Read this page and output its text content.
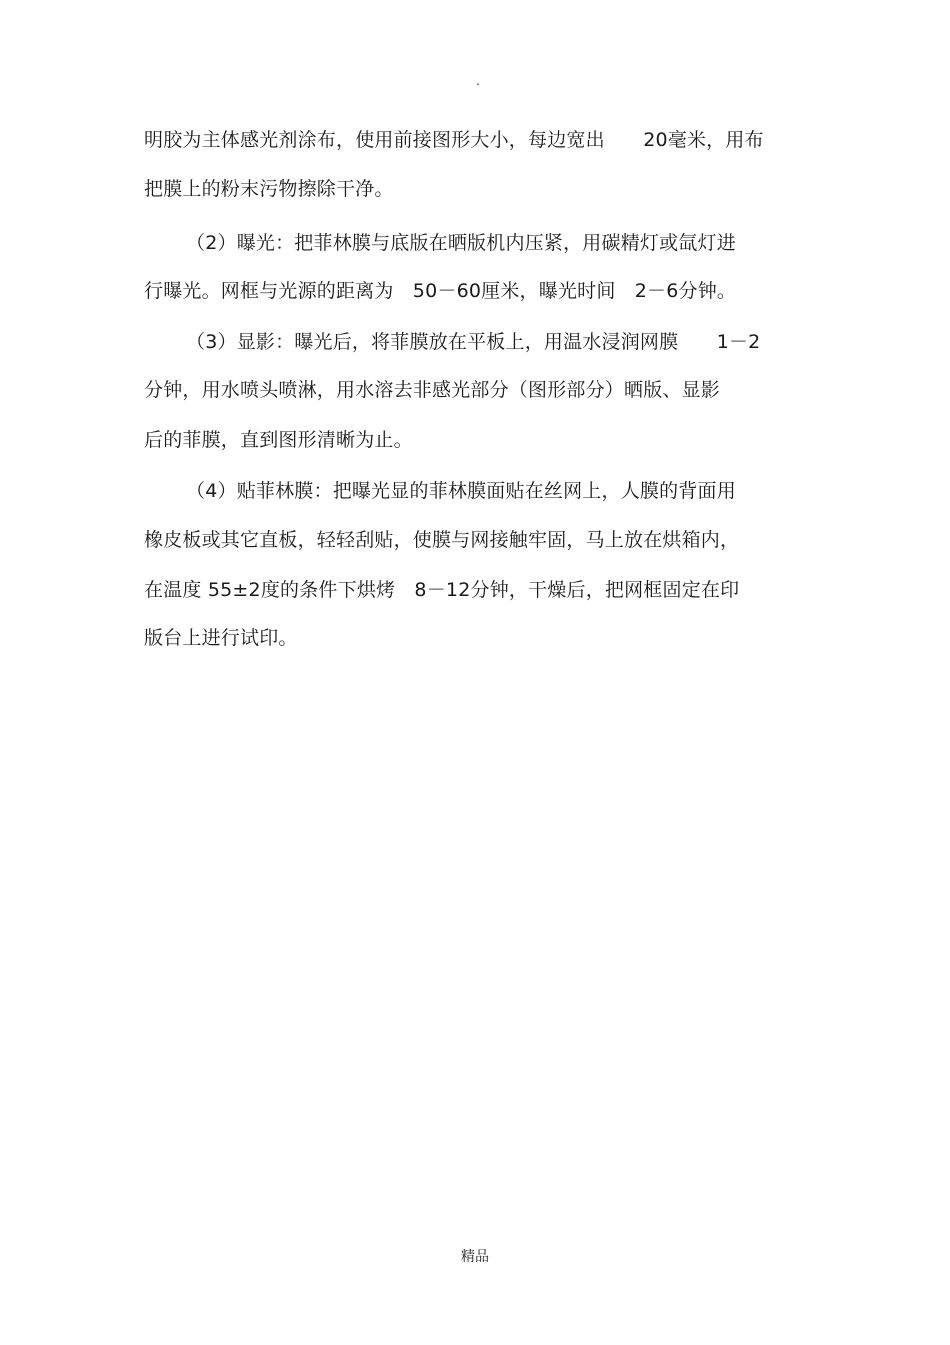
.
明胶为主体感光剂涂布，使用前接图形大小，每边宽出　　20毫米，用布
把膜上的粉末污物擦除干净。
（2）曝光：把菲林膜与底版在晒版机内压紧，用碳精灯或氙灯进
行曝光。网框与光源的距离为　50－60厘米，曝光时间　2－6分钟。
（3）显影：曝光后，将菲膜放在平板上，用温水浸润网膜　　1－2
分钟，用水喷头喷淋，用水溶去非感光部分（图形部分）晒版、显影
后的菲膜，直到图形清晰为止。
（4）贴菲林膜：把曝光显的菲林膜面贴在丝网上，人膜的背面用
橡皮板或其它直板，轻轻刮贴，使膜与网接触牢固，马上放在烘箱内，
在温度 55±2度的条件下烘烤　8－12分钟，干燥后，把网框固定在印
版台上进行试印。
精品
